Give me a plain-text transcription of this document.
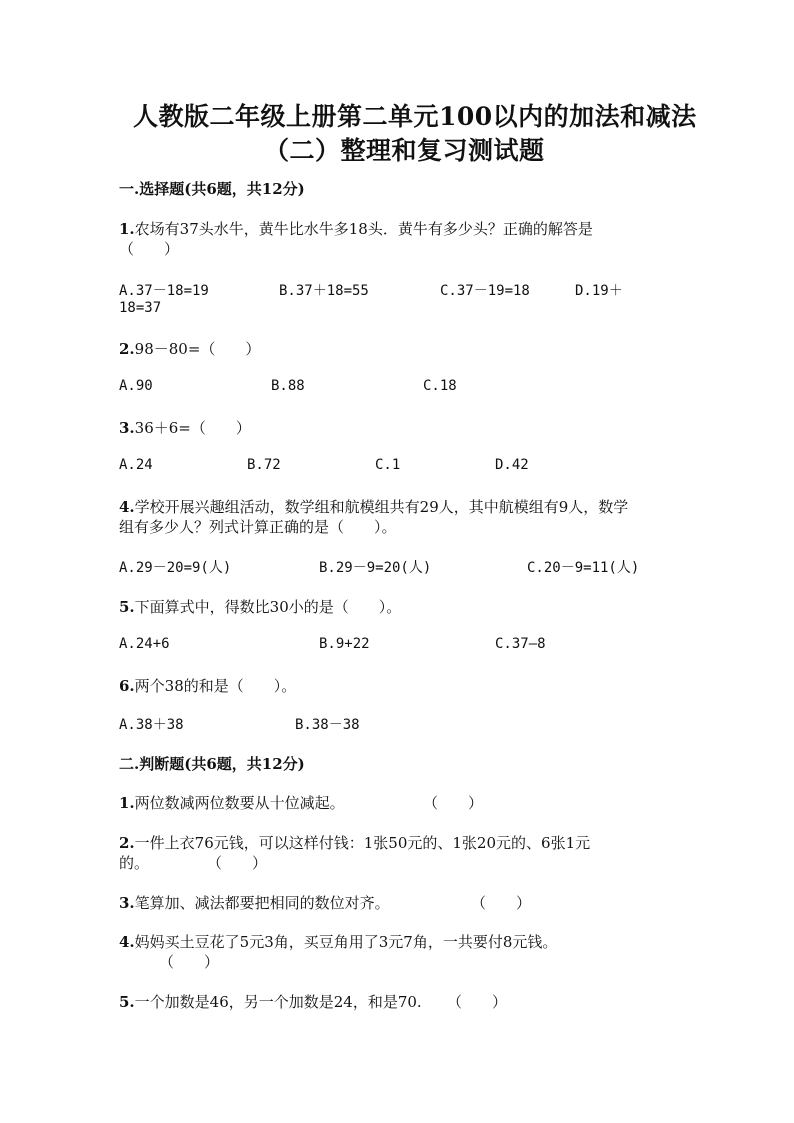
人教版二年级上册第二单元100以内的加法和减法
（二）整理和复习测试题
一.选择题(共6题，共12分)
1.农场有37头水牛，黄牛比水牛多18头．黄牛有多少头？正确的解答是
（　　）
A.37－18=19	B.37＋18=55	C.37－19=18	D.19＋
18=37
2.98－80=（　　）
A.90	B.88	C.18
3.36＋6=（　　）
A.24	B.72	C.1	D.42
4.学校开展兴趣组活动，数学组和航模组共有29人，其中航模组有9人，数学
组有多少人？列式计算正确的是（　　）。
A.29－20=9(人)	B.29－9=20(人)	C.20－9=11(人)
5.下面算式中，得数比30小的是（　　）。
A.24+6	B.9+22	C.37—8
6.两个38的和是（　　）。
A.38＋38	B.38－38
二.判断题(共6题，共12分)
1.两位数减两位数要从十位减起。	（　　）
2.一件上衣76元钱，可以这样付钱：1张50元的、1张20元的、6张1元
的。	（　　）
3.笔算加、减法都要把相同的数位对齐。	（　　）
4.妈妈买土豆花了5元3角，买豆角用了3元7角，一共要付8元钱。
（　　）
5.一个加数是46，另一个加数是24，和是70. （　　）
